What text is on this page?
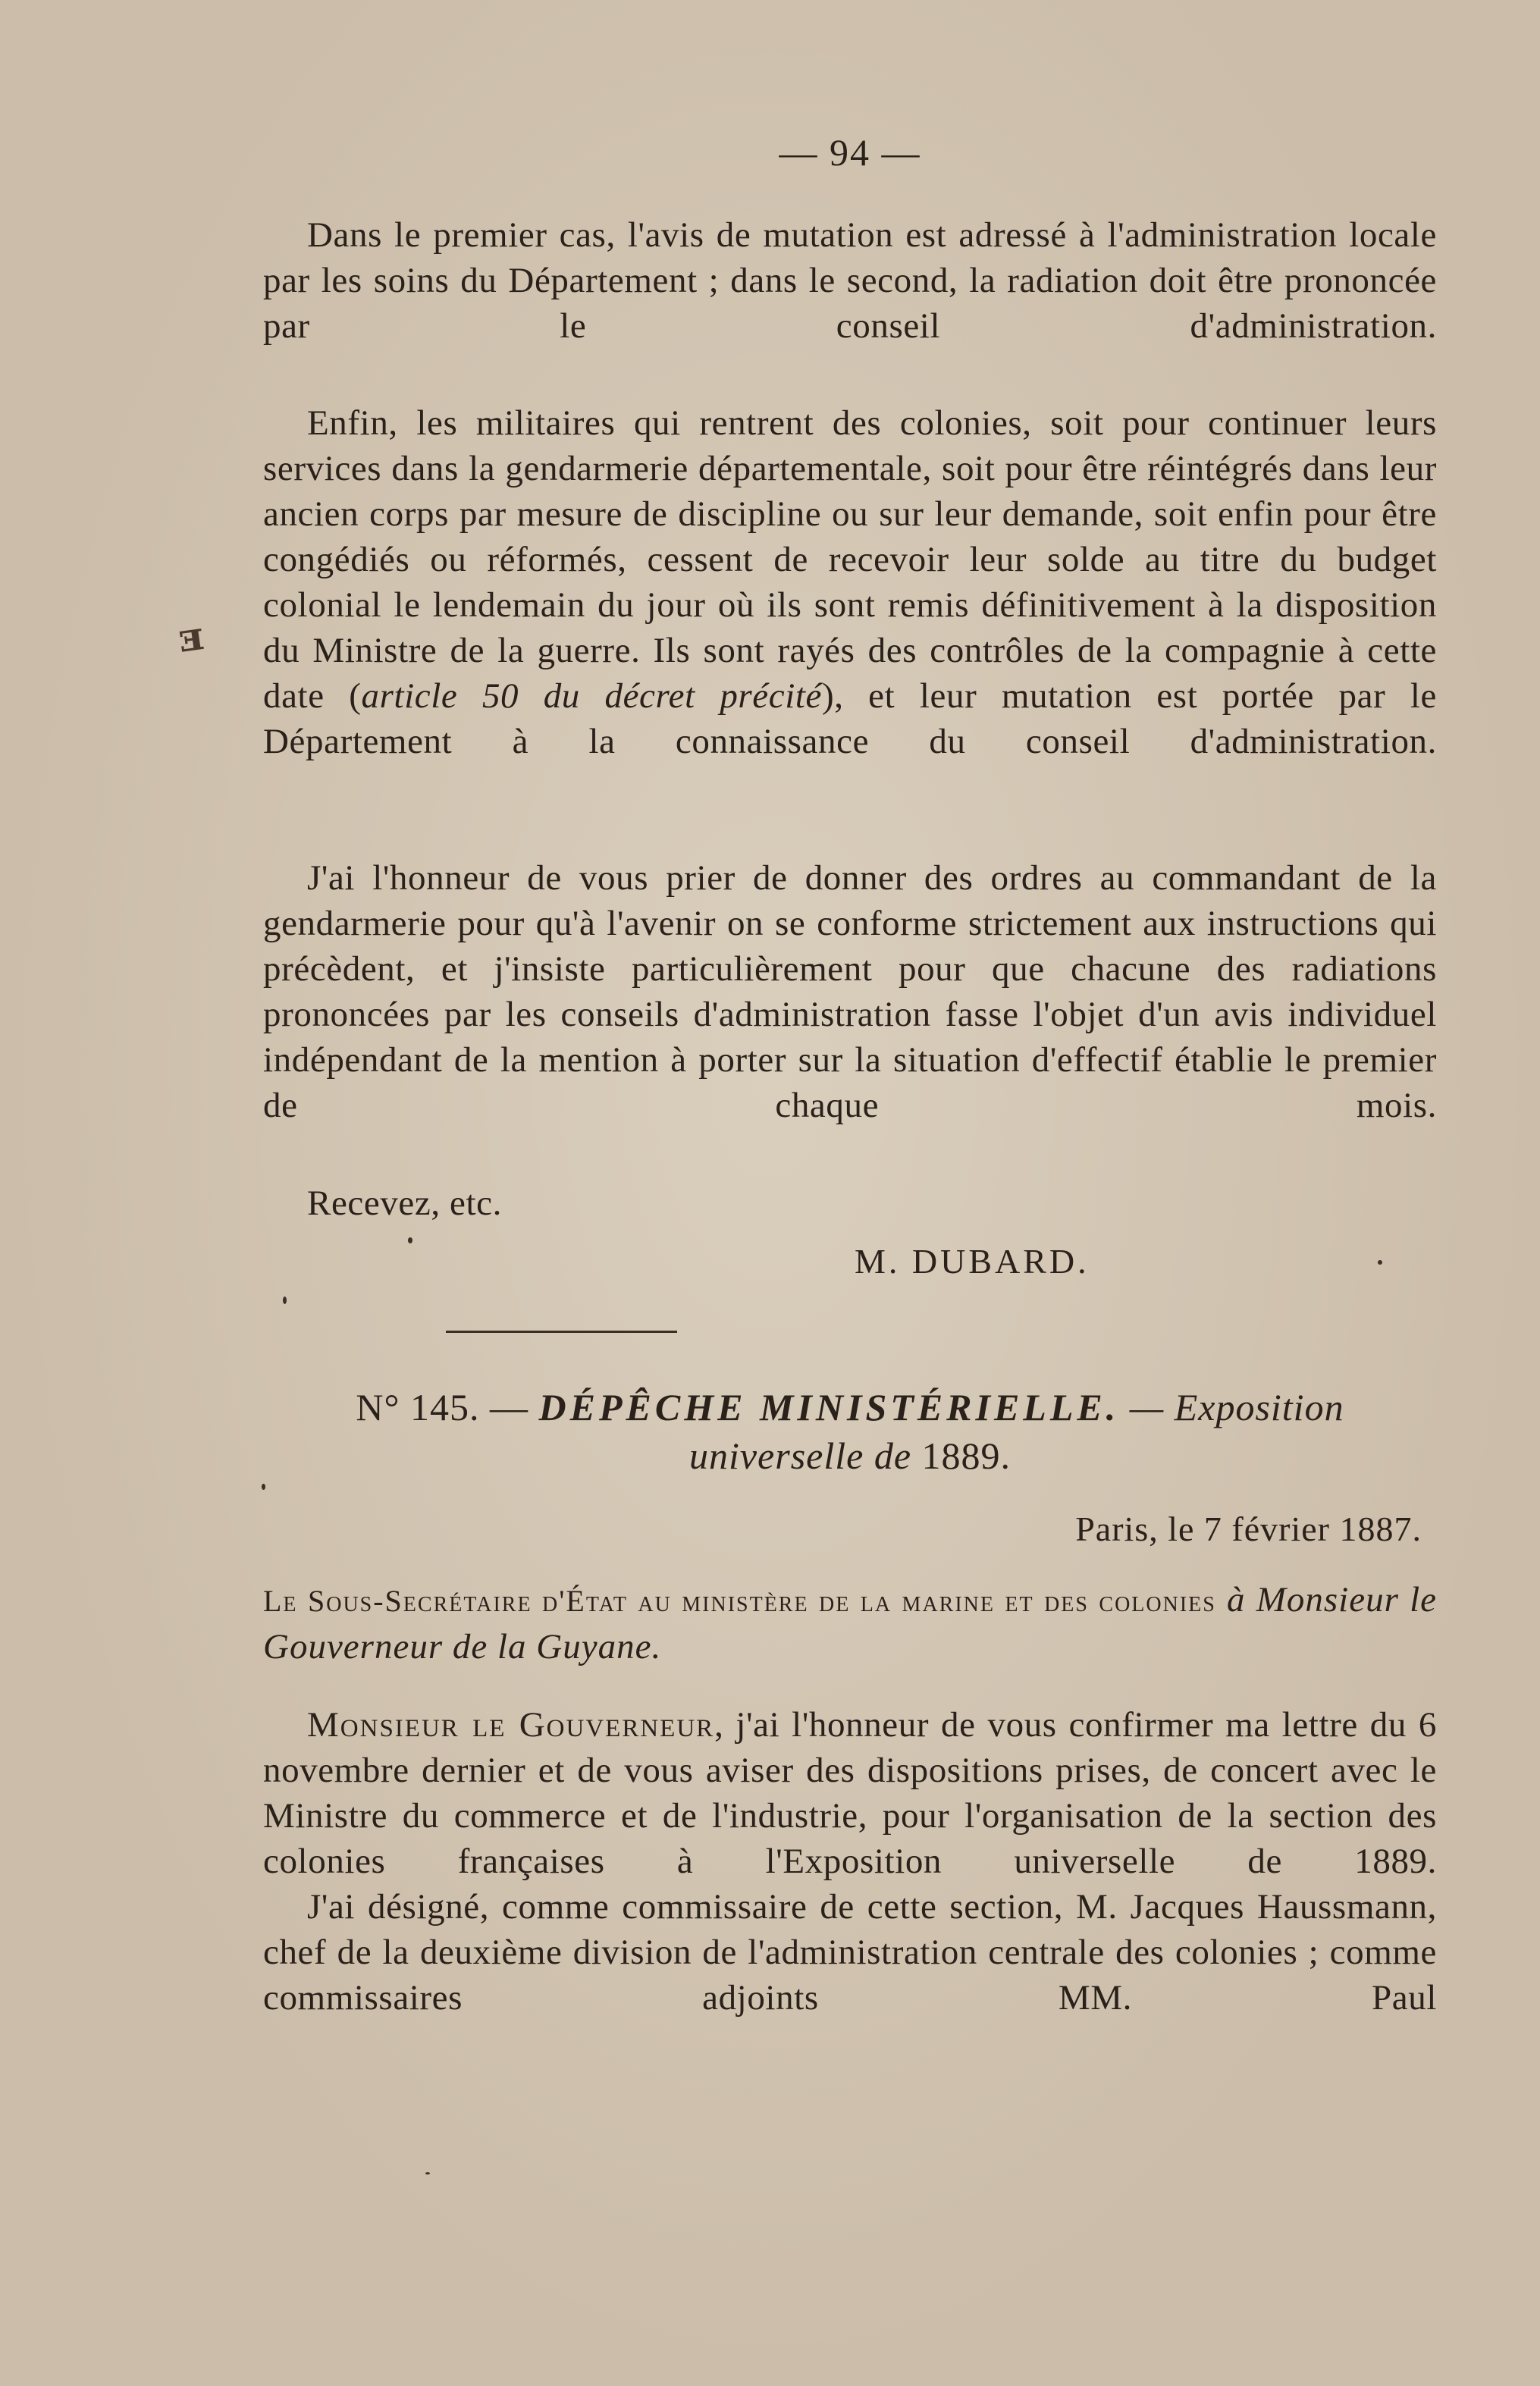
ⱻ
— 94 —

Dans le premier cas, l'avis de mutation est adressé à l'administration locale par les soins du Département ; dans le second, la radiation doit être prononcée par le conseil d'administration.

Enfin, les militaires qui rentrent des colonies, soit pour continuer leurs services dans la gendarmerie départementale, soit pour être réintégrés dans leur ancien corps par mesure de discipline ou sur leur demande, soit enfin pour être congédiés ou réformés, cessent de recevoir leur solde au titre du budget colonial le lendemain du jour où ils sont remis définitivement à la disposition du Ministre de la guerre. Ils sont rayés des contrôles de la compagnie à cette date (article 50 du décret précité), et leur mutation est portée par le Département à la connaissance du conseil d'administration.

J'ai l'honneur de vous prier de donner des ordres au commandant de la gendarmerie pour qu'à l'avenir on se conforme strictement aux instructions qui précèdent, et j'insiste particulièrement pour que chacune des radiations prononcées par les conseils d'administration fasse l'objet d'un avis individuel indépendant de la mention à porter sur la situation d'effectif établie le premier de chaque mois.

Recevez, etc.

M. DUBARD.
N° 145. — DÉPÊCHE MINISTÉRIELLE. — Exposition
universelle de 1889.
Paris, le 7 février 1887.
Le Sous-Secrétaire d'État au ministère de la marine et des colonies à Monsieur le Gouverneur de la Guyane.

Monsieur le Gouverneur, j'ai l'honneur de vous confirmer ma lettre du 6 novembre dernier et de vous aviser des dispositions prises, de concert avec le Ministre du commerce et de l'industrie, pour l'organisation de la section des colonies françaises à l'Exposition universelle de 1889.

J'ai désigné, comme commissaire de cette section, M. Jacques Haussmann, chef de la deuxième division de l'administration centrale des colonies ; comme commissaires adjoints MM. Paul
